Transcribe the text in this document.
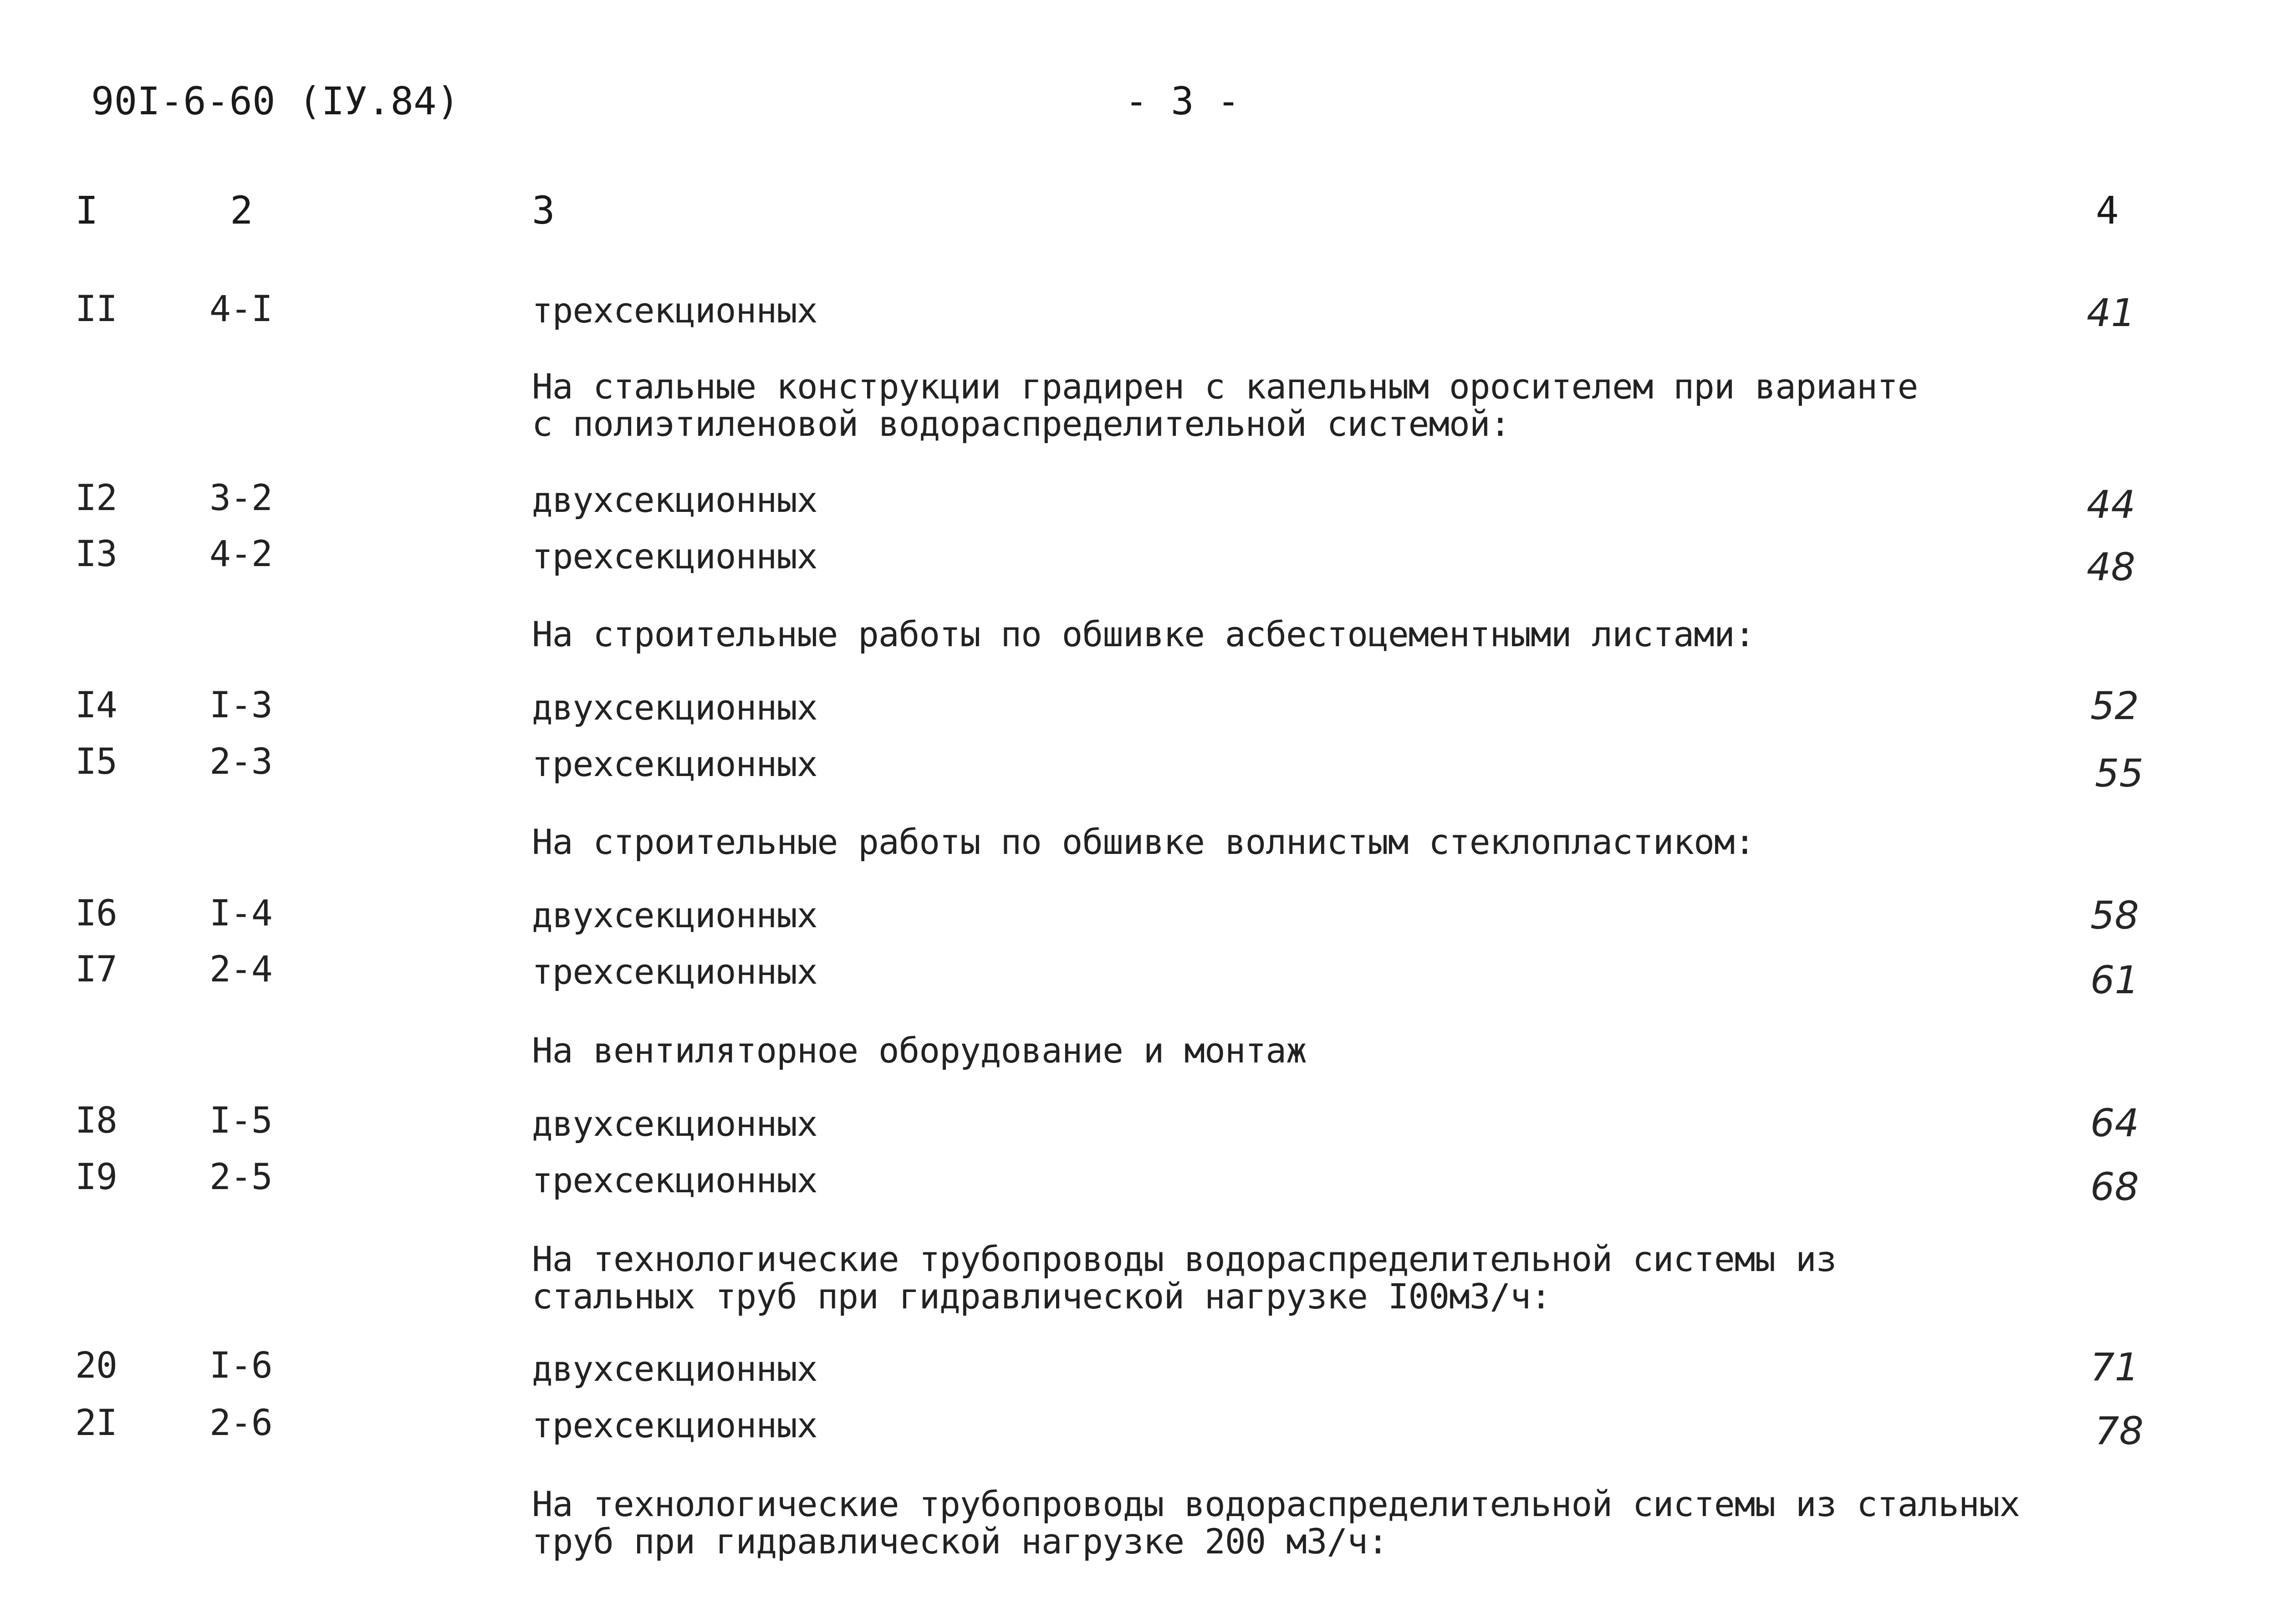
90I-6-60 (IУ.84)	- 3 -
I	2	3	4
II	4-I	трехсекционных	41
На стальные конструкции градирен с капельным оросителем при варианте с полиэтиленовой водораспределительной системой:
I2	3-2	двухсекционных	44
I3	4-2	трехсекционных	48
На строительные работы по обшивке асбестоцементными листами:
I4	I-3	двухсекционных	52
I5	2-3	трехсекционных	55
На строительные работы по обшивке волнистым стеклопластиком:
I6	I-4	двухсекционных	58
I7	2-4	трехсекционных	61
На вентиляторное оборудование и монтаж
I8	I-5	двухсекционных	64
I9	2-5	трехсекционных	68
На технологические трубопроводы водораспределительной системы из стальных труб при гидравлической нагрузке I00м3/ч:
20	I-6	двухсекционных	71
2I	2-6	трехсекционных	78
На технологические трубопроводы водораспределительной системы из стальных труб при гидравлической нагрузке 200 м3/ч:
